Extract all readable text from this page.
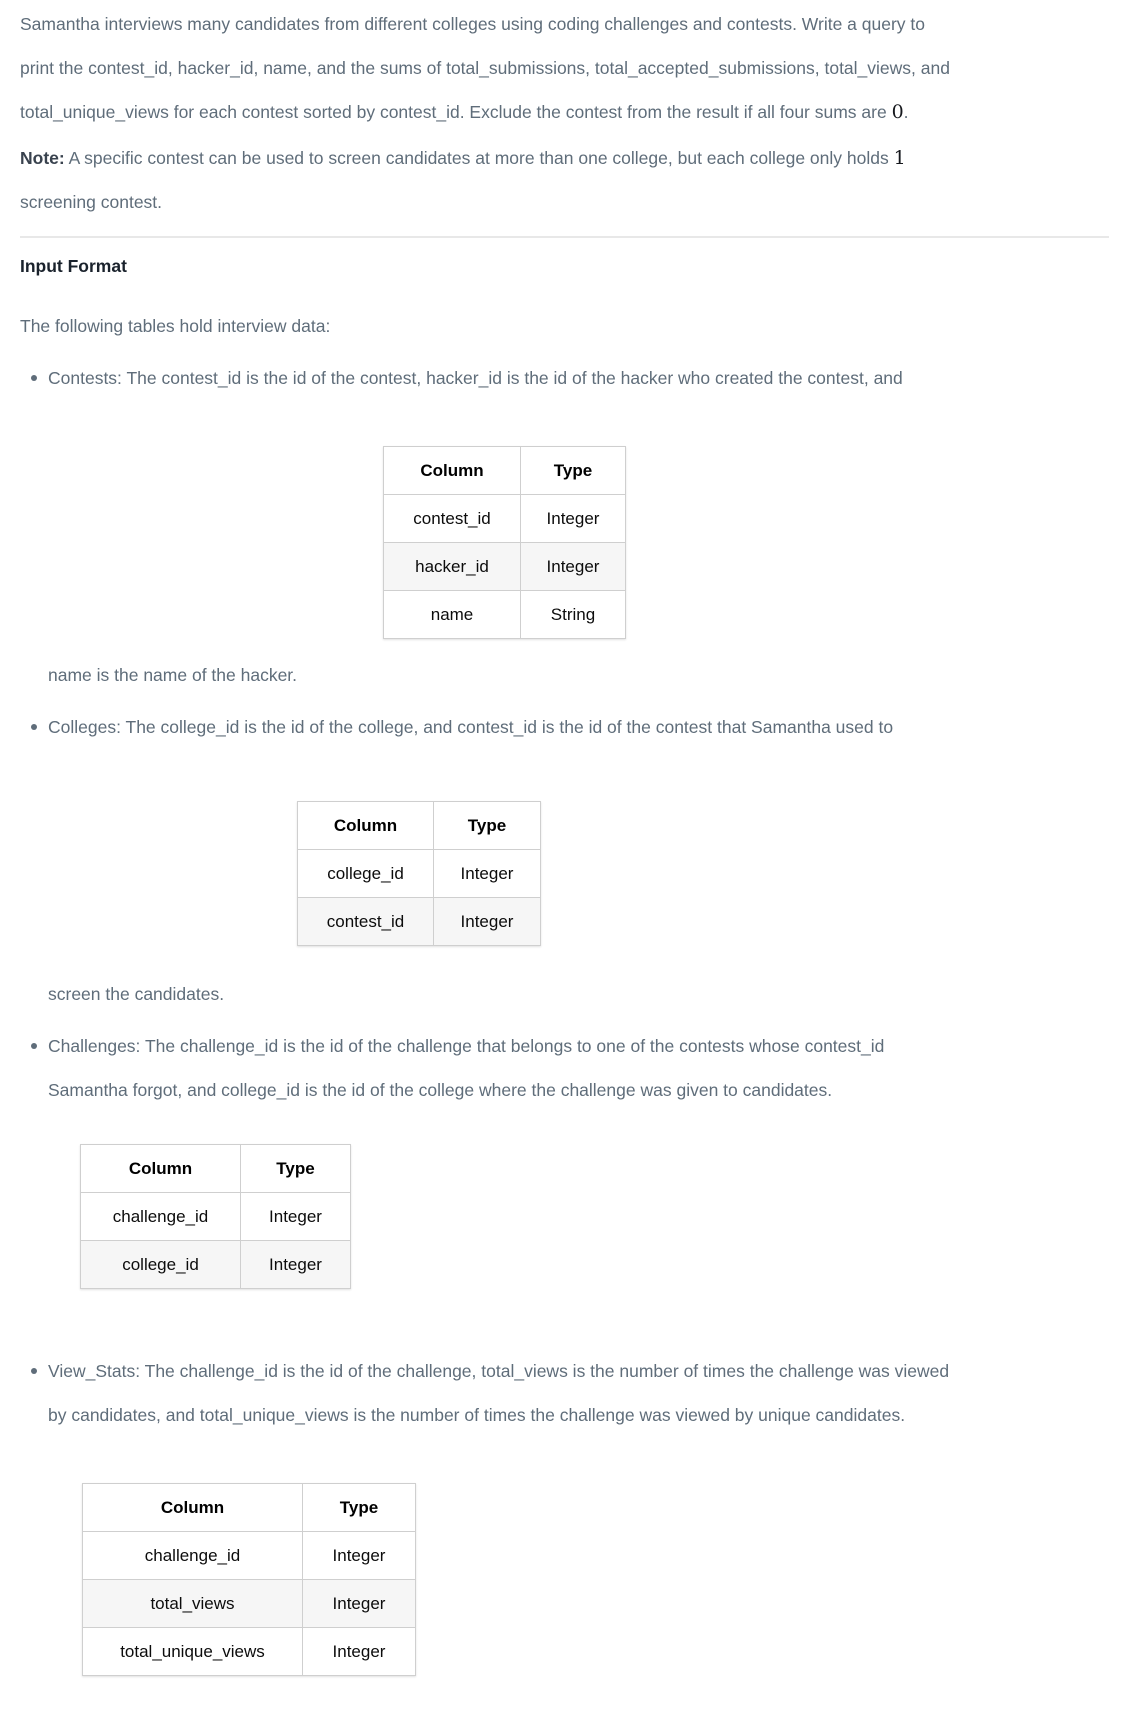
Samantha interviews many candidates from different colleges using coding challenges and contests. Write a query to
print the contest_id, hacker_id, name, and the sums of total_submissions, total_accepted_submissions, total_views, and
total_unique_views for each contest sorted by contest_id. Exclude the contest from the result if all four sums are 0.

Note: A specific contest can be used to screen candidates at more than one college, but each college only holds 1
screening contest.

Input Format

The following tables hold interview data:

Contests: The contest_id is the id of the contest, hacker_id is the id of the hacker who created the contest, and
Column	Type
contest_id	Integer
hacker_id	Integer
name	String
name is the name of the hacker.
Colleges: The college_id is the id of the college, and contest_id is the id of the contest that Samantha used to
Column	Type
college_id	Integer
contest_id	Integer
screen the candidates.
Challenges: The challenge_id is the id of the challenge that belongs to one of the contests whose contest_id
Samantha forgot, and college_id is the id of the college where the challenge was given to candidates.
Column	Type
challenge_id	Integer
college_id	Integer
View_Stats: The challenge_id is the id of the challenge, total_views is the number of times the challenge was viewed
by candidates, and total_unique_views is the number of times the challenge was viewed by unique candidates.
Column	Type
challenge_id	Integer
total_views	Integer
total_unique_views	Integer
